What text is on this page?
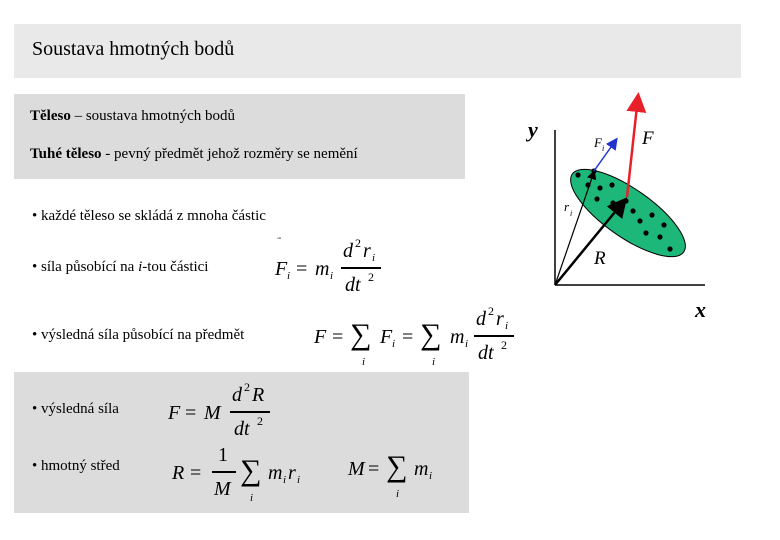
Soustava hmotných bodů
Těleso – soustava hmotných bodů
Tuhé těleso - pevný předmět jehož rozměry se nemění
• každé těleso se skládá z mnoha částic
• síla působící na i-tou částici
• výsledná síla působící na předmět
F i = m i
d 2 r i
dt 2
F = ∑
i
F i = ∑
i
m i
d 2 r i
dt 2
• výsledná síla
• hmotný střed
F = M
d 2 R
dt 2
R =
1
M
∑
i
m i r i M = ∑
i
m i
y
x
F i F
r i
R
